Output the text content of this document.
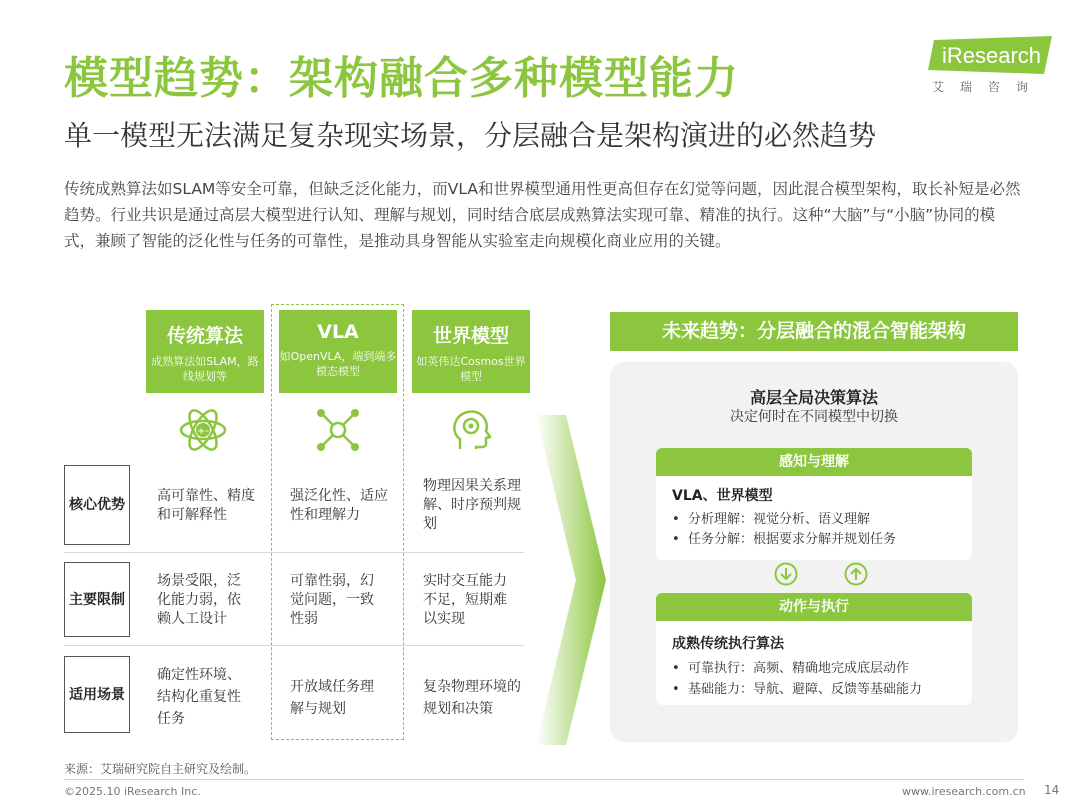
模型趋势：架构融合多种模型能力
单一模型无法满足复杂现实场景，分层融合是架构演进的必然趋势
传统成熟算法如SLAM等安全可靠，但缺乏泛化能力，而VLA和世界模型通用性更高但存在幻觉等问题，因此混合模型架构，取长补短是必然趋势。行业共识是通过高层大模型进行认知、理解与规划，同时结合底层成熟算法实现可靠、精准的执行。这种“大脑”与“小脑”协同的模式，兼顾了智能的泛化性与任务的可靠性，是推动具身智能从实验室走向规模化商业应用的关键。
iResearch
艾瑞咨询
传统算法
成熟算法如SLAM，路线规划等
VLA
如OpenVLA，端到端多模态模型
世界模型
如英伟达Cosmos世界模型
+-
核心优势
主要限制
适用场景
高可靠性、精度和可解释性
强泛化性、适应性和理解力
物理因果关系理解、时序预判规划
场景受限，泛化能力弱，依赖人工设计
可靠性弱，幻觉问题，一致性弱
实时交互能力不足，短期难以实现
确定性环境、结构化重复性任务
开放域任务理解与规划
复杂物理环境的规划和决策
未来趋势：分层融合的混合智能架构
高层全局决策算法
决定何时在不同模型中切换
感知与理解
VLA、世界模型
•  分析理解：视觉分析、语义理解
•  任务分解：根据要求分解并规划任务
动作与执行
成熟传统执行算法
•  可靠执行：高频、精确地完成底层动作
•  基础能力：导航、避障、反馈等基础能力
来源：艾瑞研究院自主研究及绘制。
©2025.10 iResearch Inc.	www.iresearch.com.cn 14
